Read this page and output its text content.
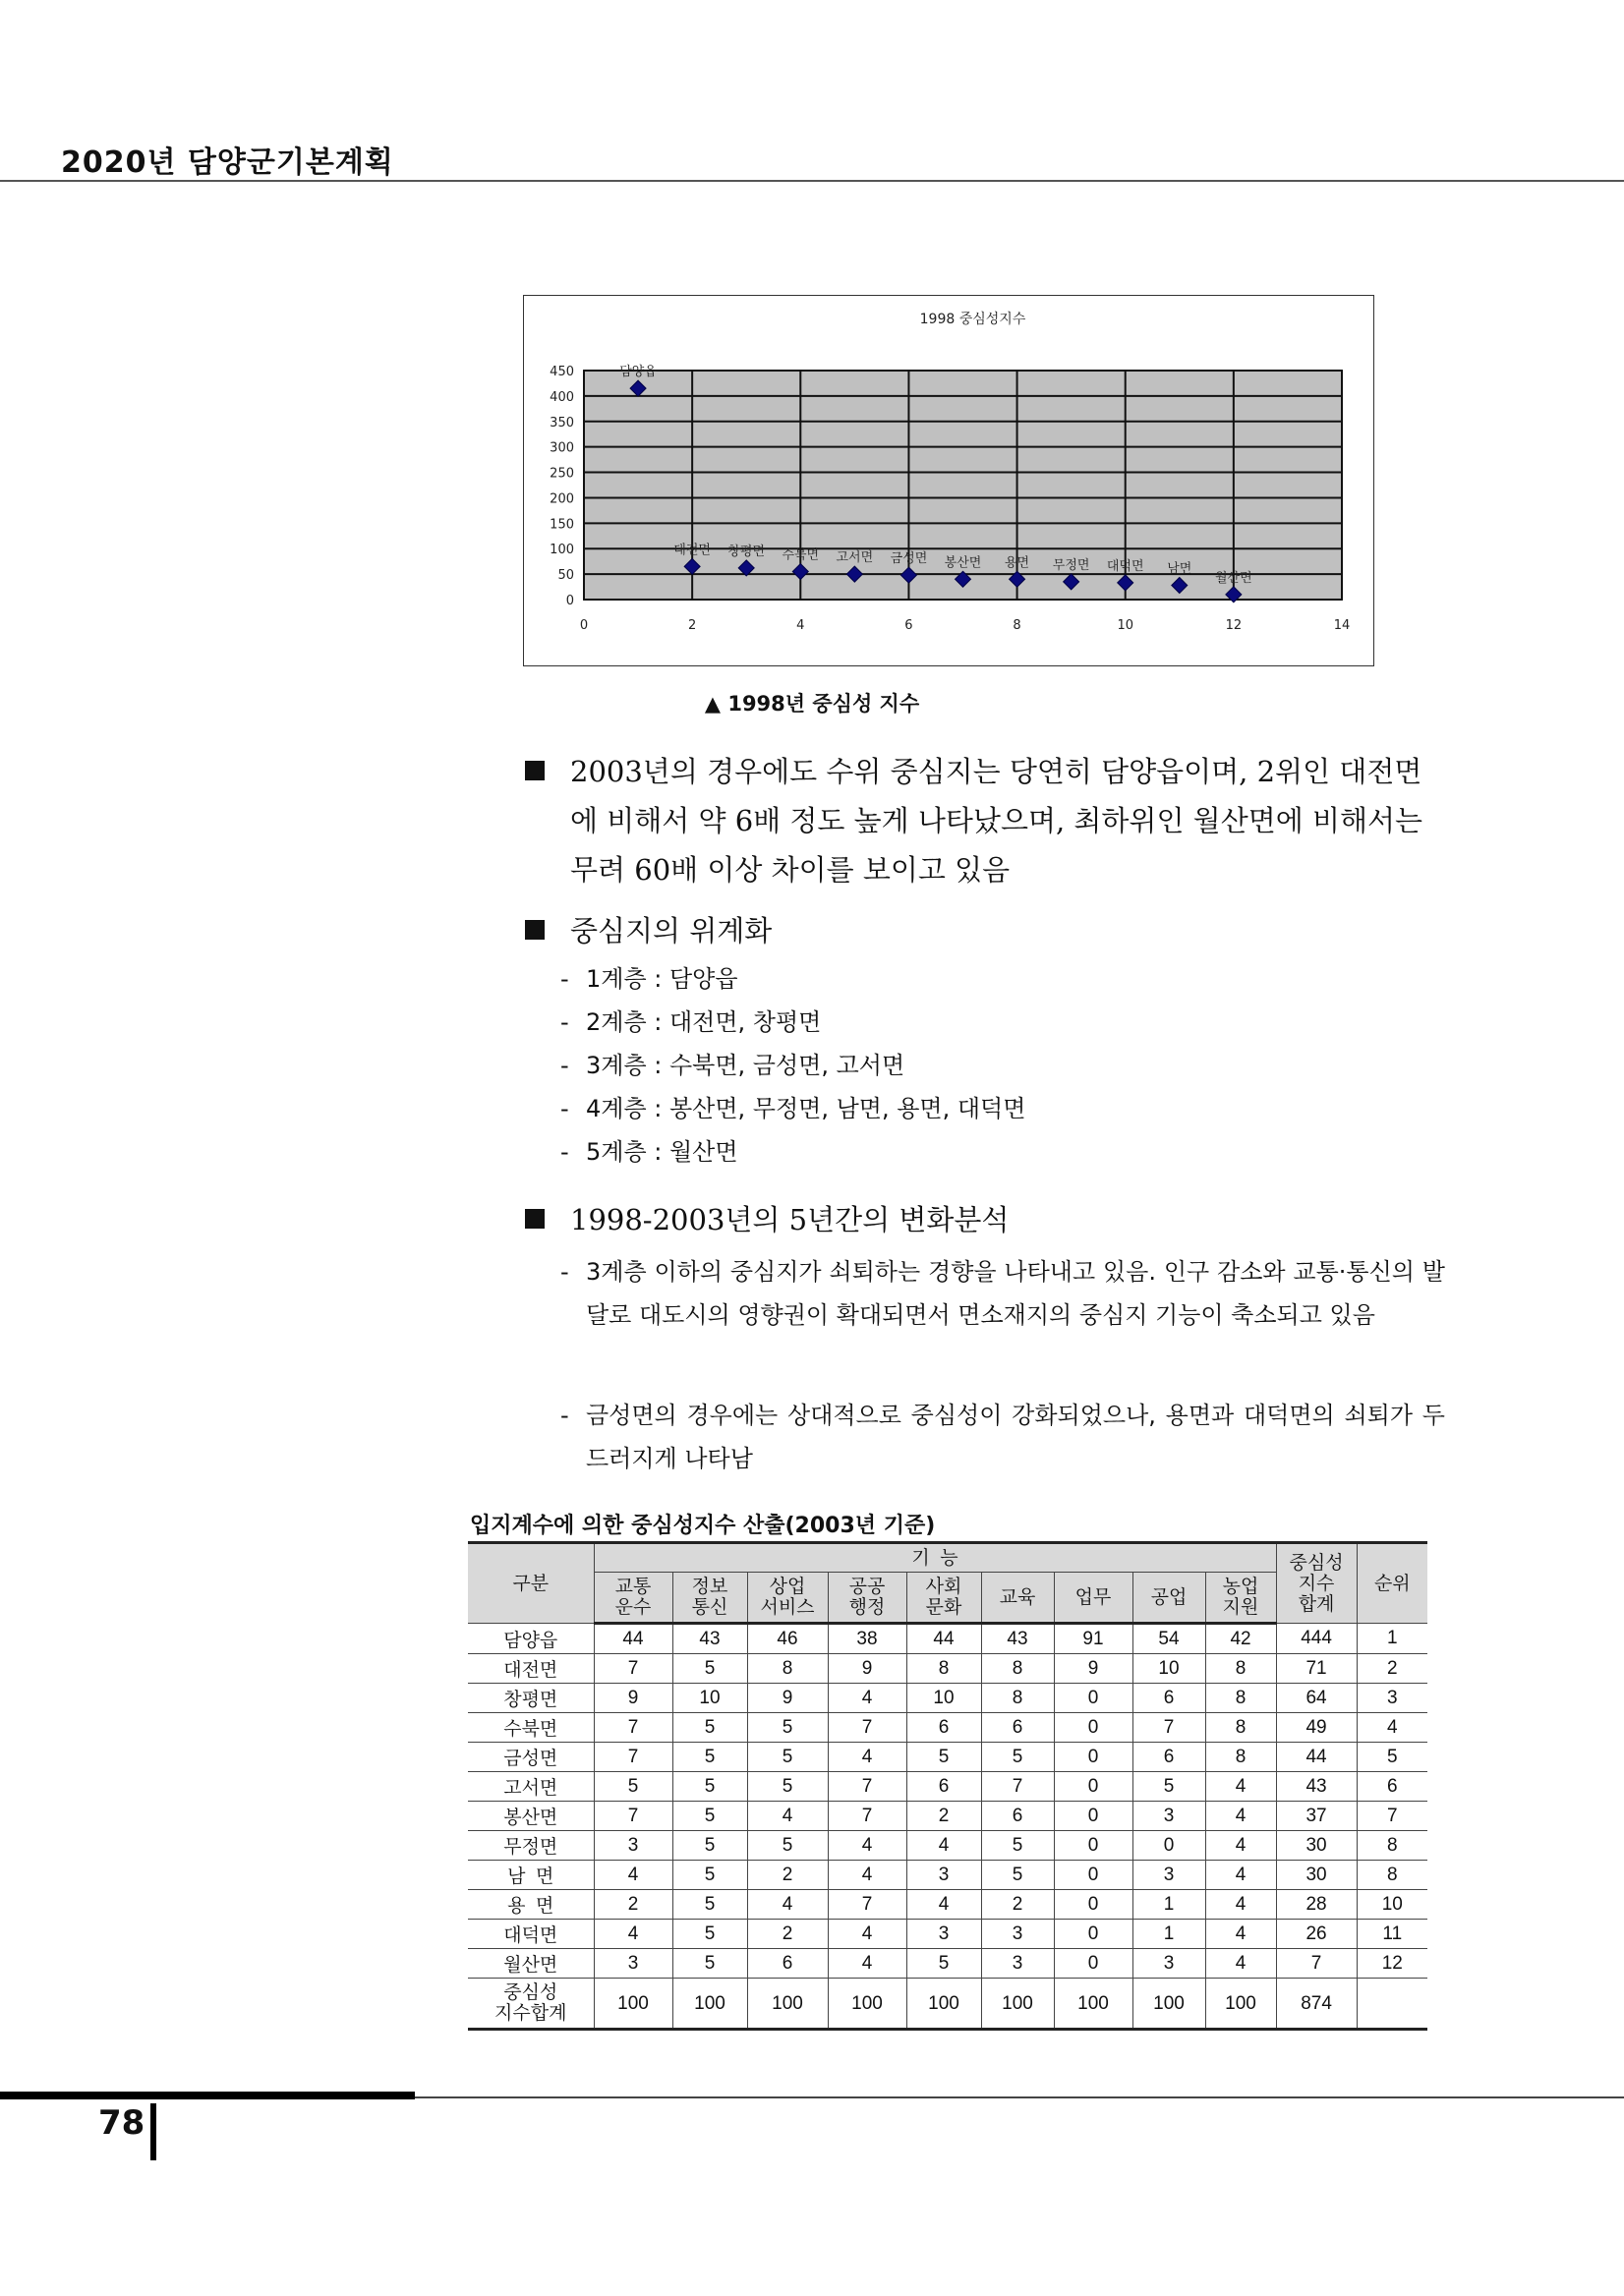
2020년 담양군기본계획
0
50
100
150
200
250
300
350
400
450
0	2	4	6	8	10	12	14
1998 중심성지수
담양읍
대전면 창평면 수북면 고서면 금성면 봉산면 용면 무정면 대덕면 남면
월산면
▲ 1998년 중심성 지수
2003년의 경우에도 수위 중심지는 당연히 담양읍이며, 2위인 대전면에 비해서 약 6배 정도 높게 나타났으며, 최하위인 월산면에 비해서는 무려 60배 이상 차이를 보이고 있음
중심지의 위계화
- 1계층 : 담양읍
- 2계층 : 대전면, 창평면
- 3계층 : 수북면, 금성면, 고서면
- 4계층 : 봉산면, 무정면, 남면, 용면, 대덕면
- 5계층 : 월산면
1998-2003년의 5년간의 변화분석
- 3계층 이하의 중심지가 쇠퇴하는 경향을 나타내고 있음. 인구 감소와 교통·통신의 발달로 대도시의 영향권이 확대되면서 면소재지의 중심지 기능이 축소되고 있음
- 금성면의 경우에는 상대적으로 중심성이 강화되었으나, 용면과 대덕면의 쇠퇴가 두드러지게 나타남
입지계수에 의한 중심성지수 산출(2003년 기준)
구분	기  능									중심성
지수
합계	순위
	교통
운수	정보
통신	상업
서비스	공공
행정	사회
문화	교육	업무	공업	농업
지원		
담양읍	44	43	46	38	44	43	91	54	42	444	1
대전면	7	5	8	9	8	8	9	10	8	71	2
창평면	9	10	9	4	10	8	0	6	8	64	3
수북면	7	5	5	7	6	6	0	7	8	49	4
금성면	7	5	5	4	5	5	0	6	8	44	5
고서면	5	5	5	7	6	7	0	5	4	43	6
봉산면	7	5	4	7	2	6	0	3	4	37	7
무정면	3	5	5	4	4	5	0	0	4	30	8
남  면	4	5	2	4	3	5	0	3	4	30	8
용  면	2	5	4	7	4	2	0	1	4	28	10
대덕면	4	5	2	4	3	3	0	1	4	26	11
월산면	3	5	6	4	5	3	0	3	4	7	12
중심성
지수합계	100	100	100	100	100	100	100	100	100	874	
78
